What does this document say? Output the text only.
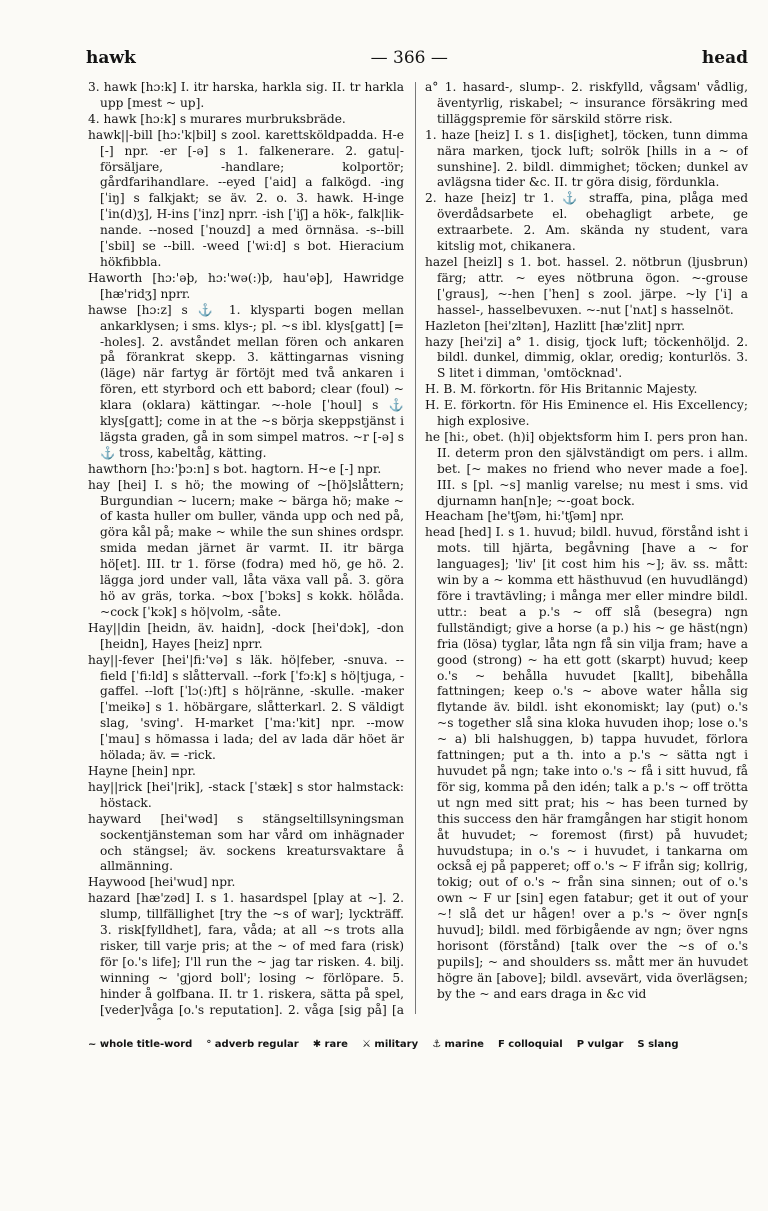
hawk	— 366 —	head

3. hawk [hɔ:k] I. itr harska, harkla sig. II. tr harkla upp [mest ~ up].

4. hawk [hɔ:k] s murares murbruksbräde.

hawk||-bill [hɔ:'k|bil] s zool. karettsköldpadda. H-e [-] npr. -er [-ə] s 1. falkenerare. 2. gatu|-försäljare, -handlare; kolportör; gårdfarihandlare. --eyed [ˈaid] a falkögd. -ing [ˈiŋ] s falkjakt; se äv. 2. o. 3. hawk. H-inge [ˈin(d)ʒ], H-ins [ˈinz] nprr. -ish [ˈiʃ] a hök-, falk|lik-nande. --nosed [ˈnouzd] a med örnnäsa. -s--bill [ˈsbil] se --bill. -weed [ˈwi:d] s bot. Hieracium hökfibbla.

Haworth [hɔ:'əþ, hɔ:'wə(:)þ, hau'əþ], Hawridge [hæ'ridʒ] nprr.

hawse [hɔ:z] s ⚓ 1. klysparti bogen mellan ankarklysen; i sms. klys-; pl. ~s ibl. klys[gatt] [= -holes]. 2. avståndet mellan fören och ankaren på förankrat skepp. 3. kättingarnas visning (läge) när fartyg är förtöjt med två ankaren i fören, ett styrbord och ett babord; clear (foul) ~ klara (oklara) kättingar. ~-hole [ˈhoul] s ⚓ klys[gatt]; come in at the ~s börja skeppstjänst i lägsta graden, gå in som simpel matros. ~r [-ə] s ⚓ tross, kabeltåg, kätting.

hawthorn [hɔ:'þɔ:n] s bot. hagtorn. H~e [-] npr.

hay [hei] I. s hö; the mowing of ~[hö]slåttern; Burgundian ~ lucern; make ~ bärga hö; make ~ of kasta huller om buller, vända upp och ned på, göra kål på; make ~ while the sun shines ordspr. smida medan järnet är varmt. II. itr bärga hö[et]. III. tr 1. förse (fodra) med hö, ge hö. 2. lägga jord under vall, låta växa vall på. 3. göra hö av gräs, torka. ~box [ˈbɔks] s kokk. hölåda. ~cock [ˈkɔk] s hö|volm, -såte.

Hay||din [heidn, äv. haidn], -dock [hei'dɔk], -don [heidn], Hayes [heiz] nprr.

hay||-fever [hei'|fi:'və] s läk. hö|feber, -snuva. --field [ˈfi:ld] s slåttervall. --fork [ˈfɔ:k] s hö|tjuga, -gaffel. --loft [ˈlɔ(:)ft] s hö|ränne, -skulle. -maker [ˈmeikə] s 1. höbärgare, slåtterkarl. 2. S väldigt slag, 'sving'. H-market [ˈma:'kit] npr. --mow [ˈmau] s hömassa i lada; del av lada där höet är hölada; äv. = -rick.

Hayne [hein] npr.

hay||rick [hei'|rik], -stack [ˈstæk] s stor halmstack: höstack.

hayward [hei'wəd] s stängseltillsyningsman sockentjänsteman som har vård om inhägnader och stängsel; äv. sockens kreatursvaktare å allmänning.

Haywood [hei'wud] npr.

hazard [hæ'zəd] I. s 1. hasardspel [play at ~]. 2. slump, tillfällighet [try the ~s of war]; lyckträff. 3. risk[fylldhet], fara, våda; at all ~s trots alla risker, till varje pris; at the ~ of med fara (risk) för [o.'s life]; I'll run the ~ jag tar risken. 4. bilj. winning ~ 'gjord boll'; losing ~ förlöpare. 5. hinder å golfbana. II. tr 1. riskera, sätta på spel, [veder]våga [o.'s reputation]. 2. våga [sig på] [a

a° 1. hasard-, slump-. 2. riskfylld, vågsam' vådlig, äventyrlig, riskabel; ~ insurance försäkring med tilläggspremie för särskild större risk.

1. haze [heiz] I. s 1. dis[ighet], töcken, tunn dimma nära marken, tjock luft; solrök [hills in a ~ of sunshine]. 2. bildl. dimmighet; töcken; dunkel av avlägsna tider &c. II. tr göra disig, fördunkla.

2. haze [heiz] tr 1. ⚓ straffa, pina, plåga med överdådsarbete el. obehagligt arbete, ge extraarbete. 2. Am. skända ny student, vara kitslig mot, chikanera.

hazel [heizl] s 1. bot. hassel. 2. nötbrun (ljusbrun) färg; attr. ~ eyes nötbruna ögon. ~-grouse [ˈgraus], ~-hen [ˈhen] s zool. järpe. ~ly [ˈi] a hassel-, hasselbevuxen. ~-nut [ˈnʌt] s hasselnöt.

Hazleton [hei'zltən], Hazlitt [hæ'zlit] nprr.

hazy [hei'zi] a° 1. disig, tjock luft; töckenhöljd. 2. bildl. dunkel, dimmig, oklar, oredig; konturlös. 3. S litet i dimman, 'omtöcknad'.

H. B. M. förkortn. för His Britannic Majesty.

H. E. förkortn. för His Eminence el. His Excellency; high explosive.

he [hi:, obet. (h)i] objektsform him I. pers pron han. II. determ pron den självständigt om pers. i allm. bet. [~ makes no friend who never made a foe]. III. s [pl. ~s] manlig varelse; nu mest i sms. vid djurnamn han[n]e; ~-goat bock.

Heacham [he'tʃəm, hi:'tʃəm] npr.

head [hed] I. s 1. huvud; bildl. huvud, förstånd isht i mots. till hjärta, begåvning [have a ~ for languages]; 'liv' [it cost him his ~]; äv. ss. mått: win by a ~ komma ett hästhuvud (en huvudlängd) före i travtävling; i många mer eller mindre bildl. uttr.: beat a p.'s ~ off slå (besegra) ngn fullständigt; give a horse (a p.) his ~ ge häst(ngn) fria (lösa) tyglar, låta ngn få sin vilja fram; have a good (strong) ~ ha ett gott (skarpt) huvud; keep o.'s ~ behålla huvudet [kallt], bibehålla fattningen; keep o.'s ~ above water hålla sig flytande äv. bildl. isht ekonomiskt; lay (put) o.'s ~s together slå sina kloka huvuden ihop; lose o.'s ~ a) bli halshuggen, b) tappa huvudet, förlora fattningen; put a th. into a p.'s ~ sätta ngt i huvudet på ngn; take into o.'s ~ få i sitt huvud, få för sig, komma på den idén; talk a p.'s ~ off trötta ut ngn med sitt prat; his ~ has been turned by this success den här framgången har stigit honom åt huvudet; ~ foremost (first) på huvudet; huvudstupa; in o.'s ~ i huvudet, i tankarna om också ej på papperet; off o.'s ~ F ifrån sig; kollrig, tokig; out of o.'s ~ från sina sinnen; out of o.'s own ~ F ur [sin] egen fatabur; get it out of your ~! slå det ur hågen! over a p.'s ~ över ngn[s huvud]; bildl. med förbigående av ngn; över ngns horisont (förstånd) [talk over the ~s of o.'s pupils]; ~ and shoulders ss. mått mer än huvudet högre än [above]; bildl. avsevärt, vida överlägsen; by the ~ and ears draga in &c vid

~ whole title-word ° adverb regular ✱ rare ⚔ military ⚓ marine F colloquial P vulgar S slang
